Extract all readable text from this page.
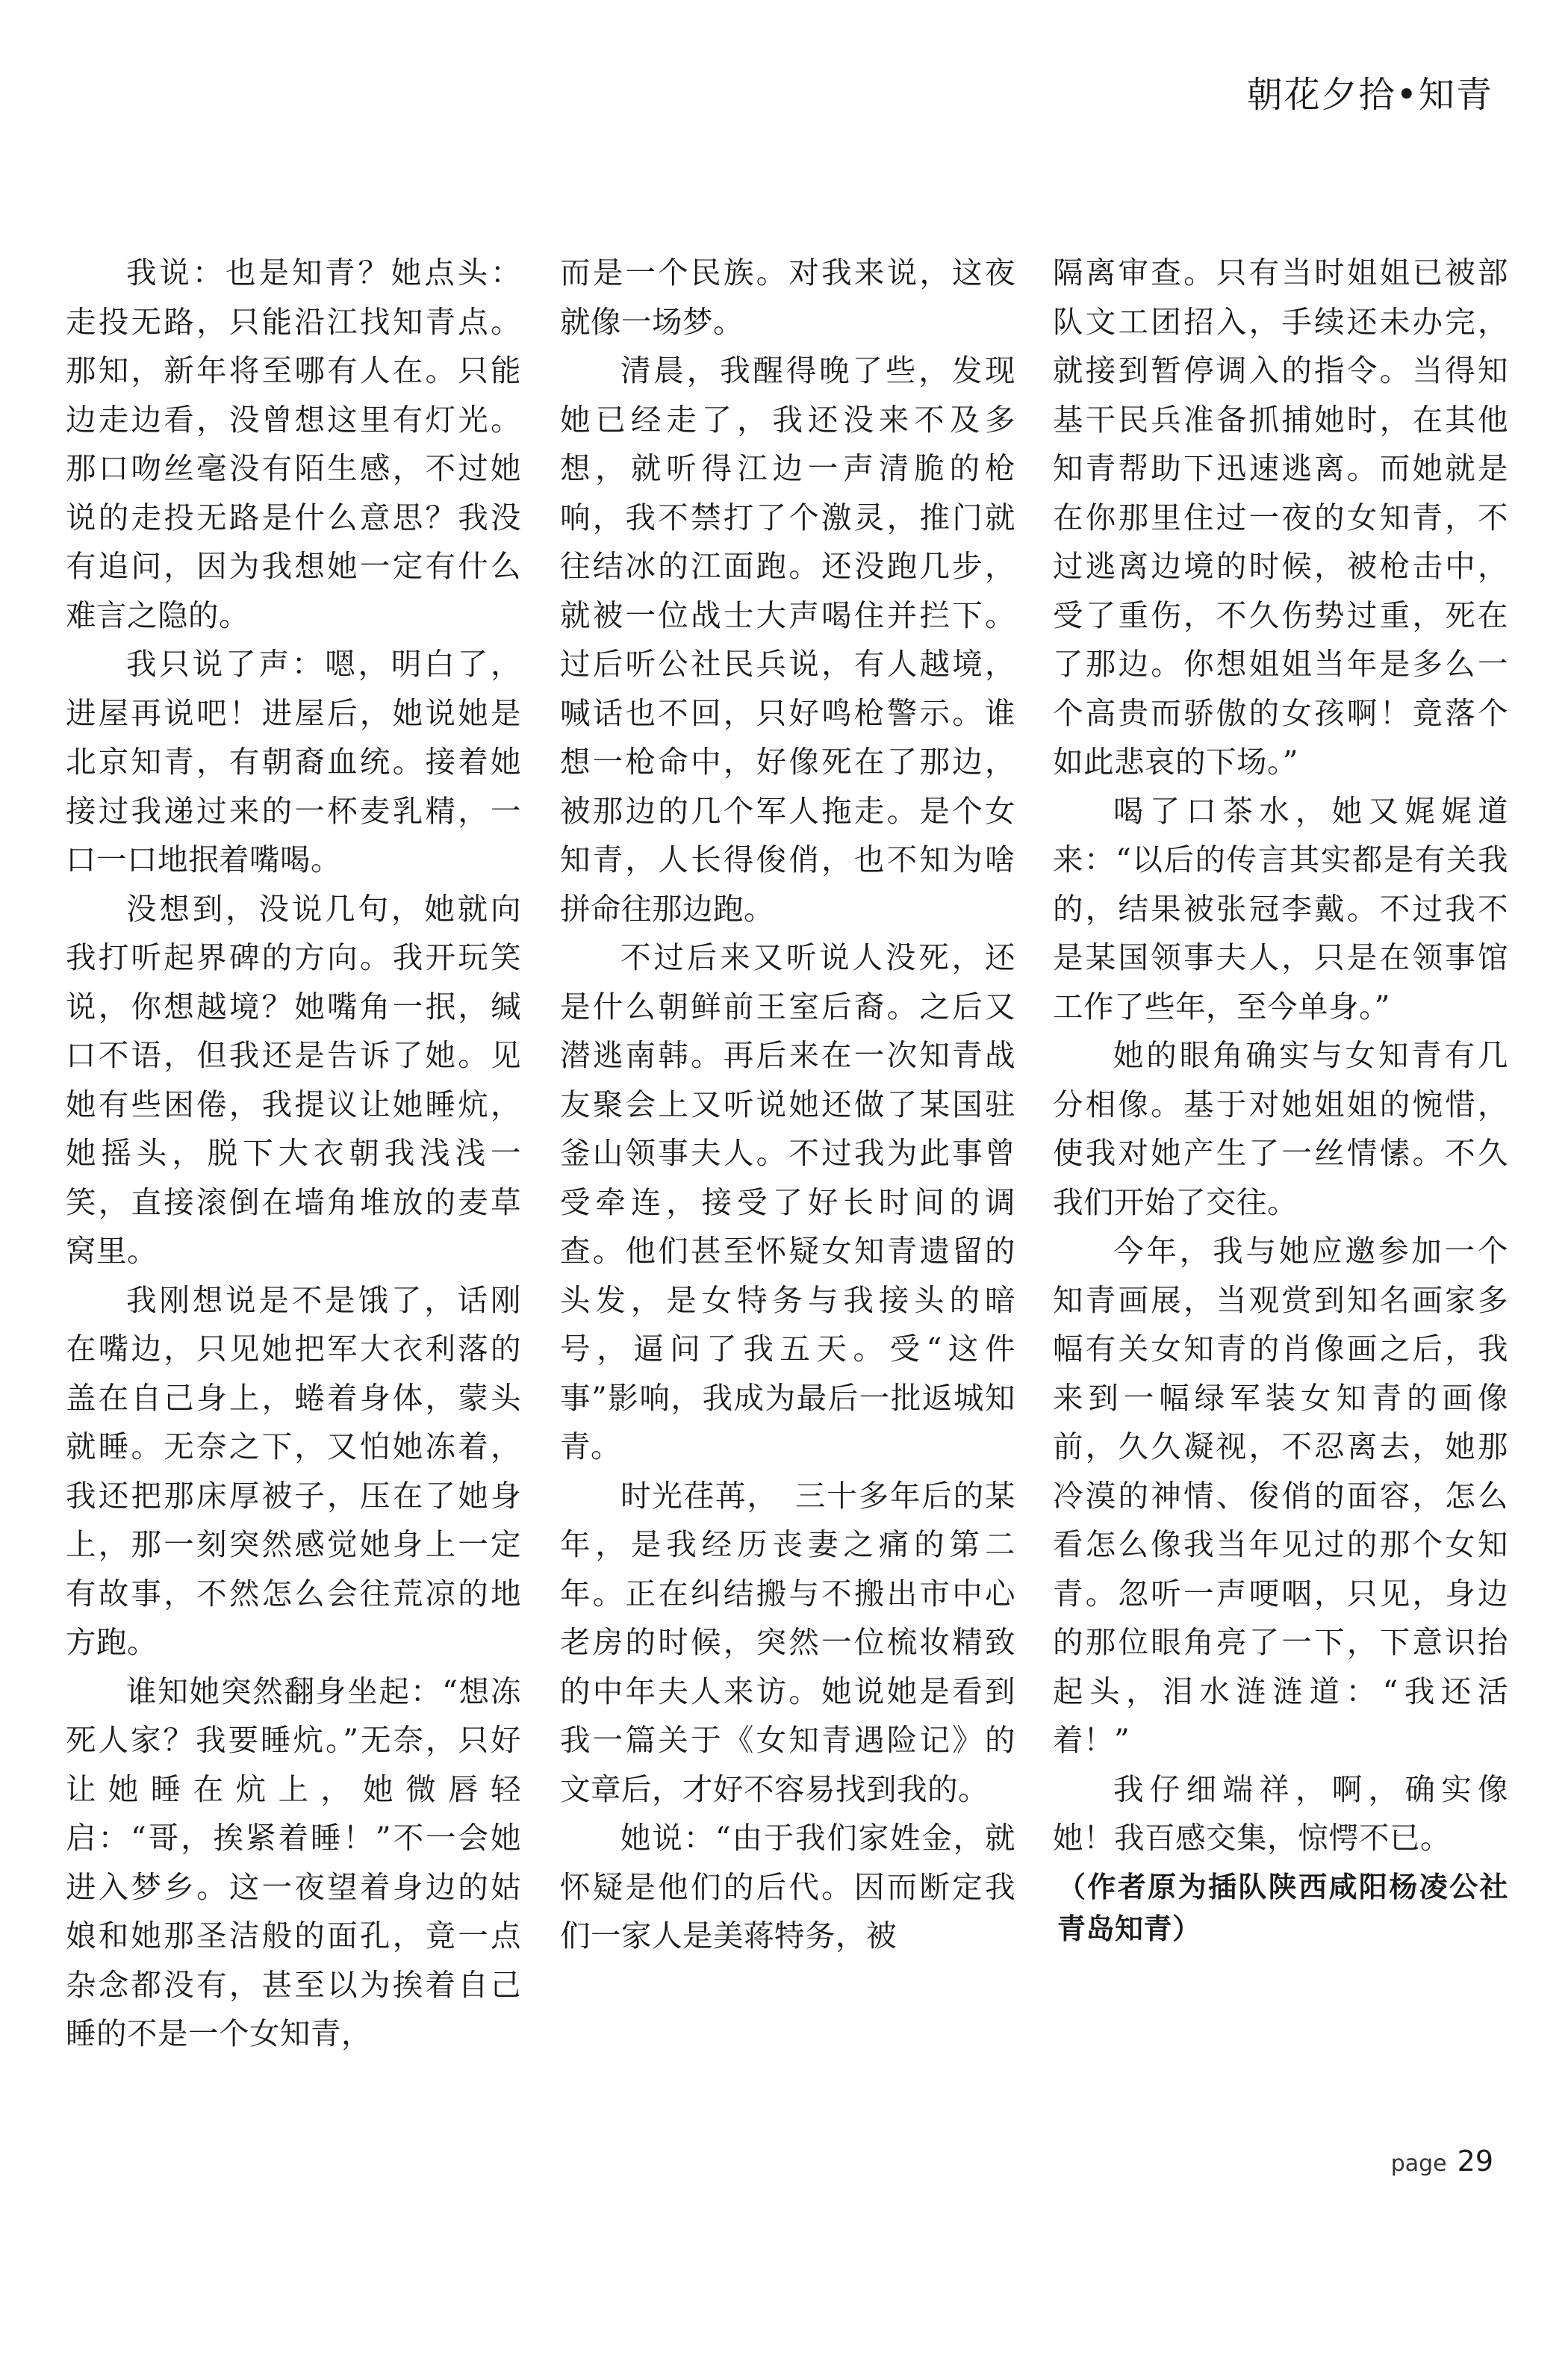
朝花夕拾•知青

我说：也是知青？她点头：走投无路，只能沿江找知青点。那知，新年将至哪有人在。只能边走边看，没曾想这里有灯光。那口吻丝毫没有陌生感，不过她说的走投无路是什么意思？我没有追问，因为我想她一定有什么难言之隐的。

我只说了声：嗯，明白了，进屋再说吧！进屋后，她说她是北京知青，有朝裔血统。接着她接过我递过来的一杯麦乳精，一口一口地抿着嘴喝。

没想到，没说几句，她就向我打听起界碑的方向。我开玩笑说，你想越境？她嘴角一抿，缄口不语，但我还是告诉了她。见她有些困倦，我提议让她睡炕，她摇头，脱下大衣朝我浅浅一笑，直接滚倒在墙角堆放的麦草窝里。

我刚想说是不是饿了，话刚在嘴边，只见她把军大衣利落的盖在自己身上，蜷着身体，蒙头就睡。无奈之下，又怕她冻着，我还把那床厚被子，压在了她身上，那一刻突然感觉她身上一定有故事，不然怎么会往荒凉的地方跑。

谁知她突然翻身坐起：“想冻死人家？我要睡炕。”无奈，只好让她睡在炕上，她微唇轻启：“哥，挨紧着睡！”不一会她进入梦乡。这一夜望着身边的姑娘和她那圣洁般的面孔，竟一点杂念都没有，甚至以为挨着自己睡的不是一个女知青，

而是一个民族。对我来说，这夜就像一场梦。

清晨，我醒得晚了些，发现她已经走了，我还没来不及多想，就听得江边一声清脆的枪响，我不禁打了个激灵，推门就往结冰的江面跑。还没跑几步，就被一位战士大声喝住并拦下。过后听公社民兵说，有人越境，喊话也不回，只好鸣枪警示。谁想一枪命中，好像死在了那边，被那边的几个军人拖走。是个女知青，人长得俊俏，也不知为啥拼命往那边跑。

不过后来又听说人没死，还是什么朝鲜前王室后裔。之后又潜逃南韩。再后来在一次知青战友聚会上又听说她还做了某国驻釜山领事夫人。不过我为此事曾受牵连，接受了好长时间的调查。他们甚至怀疑女知青遗留的头发，是女特务与我接头的暗号，逼问了我五天。受“这件事”影响，我成为最后一批返城知青。

时光荏苒，　三十多年后的某年，是我经历丧妻之痛的第二年。正在纠结搬与不搬出市中心老房的时候，突然一位梳妆精致的中年夫人来访。她说她是看到我一篇关于《女知青遇险记》的文章后，才好不容易找到我的。

她说：“由于我们家姓金，就怀疑是他们的后代。因而断定我们一家人是美蒋特务，被

隔离审查。只有当时姐姐已被部队文工团招入，手续还未办完，就接到暂停调入的指令。当得知基干民兵准备抓捕她时，在其他知青帮助下迅速逃离。而她就是在你那里住过一夜的女知青，不过逃离边境的时候，被枪击中，受了重伤，不久伤势过重，死在了那边。你想姐姐当年是多么一个高贵而骄傲的女孩啊！竟落个如此悲哀的下场。”

喝了口茶水，她又娓娓道来：“以后的传言其实都是有关我的，结果被张冠李戴。不过我不是某国领事夫人，只是在领事馆工作了些年，至今单身。”

她的眼角确实与女知青有几分相像。基于对她姐姐的惋惜，使我对她产生了一丝情愫。不久我们开始了交往。

今年，我与她应邀参加一个知青画展，当观赏到知名画家多幅有关女知青的肖像画之后，我来到一幅绿军装女知青的画像前，久久凝视，不忍离去，她那冷漠的神情、俊俏的面容，怎么看怎么像我当年见过的那个女知青。忽听一声哽咽，只见，身边的那位眼角亮了一下，下意识抬起头，泪水涟涟道：“我还活着！”

我仔细端祥，啊，确实像她！我百感交集，惊愕不已。

（作者原为插队陕西咸阳杨凌公社青岛知青）

page 29
